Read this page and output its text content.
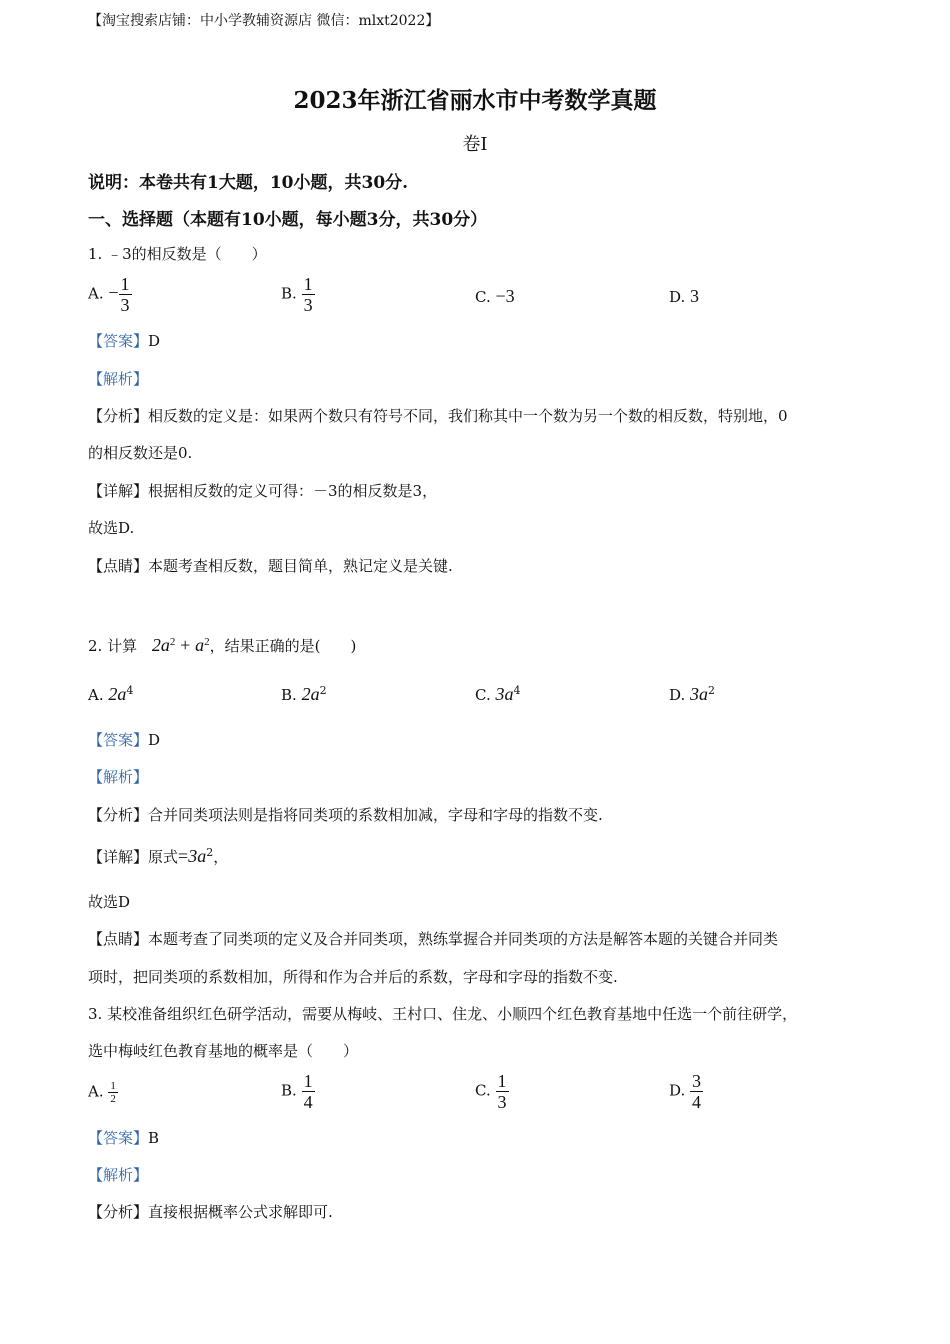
【淘宝搜索店铺：中小学教辅资源店 微信：mlxt2022】
2023年浙江省丽水市中考数学真题
卷Ⅰ
说明：本卷共有1大题，10小题，共30分.
一、选择题（本题有10小题，每小题3分，共30分）
1. ﹣3的相反数是（　　）
A. − $\frac{1}{3}$	B. $\frac{1}{3}$	C. −3	D. 3
【答案】D
【解析】
【分析】相反数的定义是：如果两个数只有符号不同，我们称其中一个数为另一个数的相反数，特别地，0
的相反数还是0.
【详解】根据相反数的定义可得：－3的相反数是3，
故选D.
【点睛】本题考查相反数，题目简单，熟记定义是关键.
2. 计算 $2a^2 + a^2$，结果正确的是(　　)
A. $2a^4$	B. $2a^2$	C. $3a^4$	D. $3a^2$
【答案】D
【解析】
【分析】合并同类项法则是指将同类项的系数相加减，字母和字母的指数不变.
【详解】原式$=3a^2$，
故选D
【点睛】本题考查了同类项的定义及合并同类项，熟练掌握合并同类项的方法是解答本题的关键合并同类
项时，把同类项的系数相加，所得和作为合并后的系数，字母和字母的指数不变.
3. 某校准备组织红色研学活动，需要从梅岐、王村口、住龙、小顺四个红色教育基地中任选一个前往研学，
选中梅岐红色教育基地的概率是（　　）
A. $\frac{1}{2}$	B. $\frac{1}{4}$	C. $\frac{1}{3}$	D. $\frac{3}{4}$
【答案】B
【解析】
【分析】直接根据概率公式求解即可.
